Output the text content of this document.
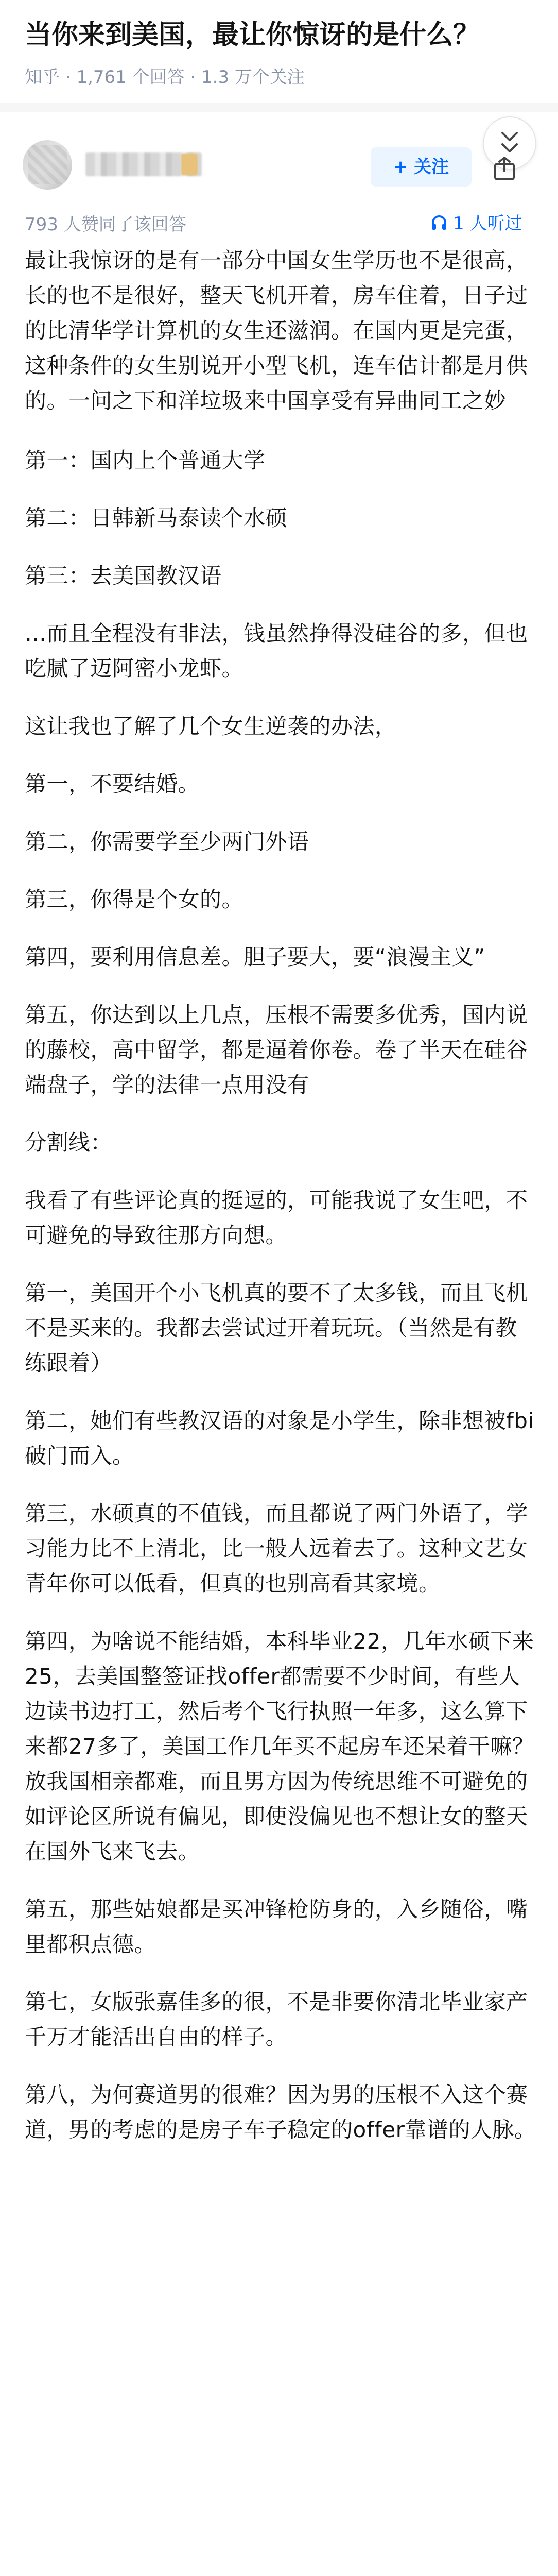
当你来到美国，最让你惊讶的是什么？
知乎 · 1,761 个回答 · 1.3 万个关注
+ 关注
793 人赞同了该回答	1 人听过

最让我惊讶的是有一部分中国女生学历也不是很高，长的也不是很好，整天飞机开着，房车住着，日子过的比清华学计算机的女生还滋润。在国内更是完蛋，这种条件的女生别说开小型飞机，连车估计都是月供的。一问之下和洋垃圾来中国享受有异曲同工之妙

第一：国内上个普通大学

第二：日韩新马泰读个水硕

第三：去美国教汉语

…而且全程没有非法，钱虽然挣得没硅谷的多，但也吃腻了迈阿密小龙虾。

这让我也了解了几个女生逆袭的办法，

第一，不要结婚。

第二，你需要学至少两门外语

第三，你得是个女的。

第四，要利用信息差。胆子要大，要“浪漫主义”

第五，你达到以上几点，压根不需要多优秀，国内说的藤校，高中留学，都是逼着你卷。卷了半天在硅谷端盘子，学的法律一点用没有

分割线：

我看了有些评论真的挺逗的，可能我说了女生吧，不可避免的导致往那方向想。

第一，美国开个小飞机真的要不了太多钱，而且飞机不是买来的。我都去尝试过开着玩玩。（当然是有教练跟着）

第二，她们有些教汉语的对象是小学生，除非想被fbi破门而入。

第三，水硕真的不值钱，而且都说了两门外语了，学习能力比不上清北，比一般人远着去了。这种文艺女青年你可以低看，但真的也别高看其家境。

第四，为啥说不能结婚，本科毕业22，几年水硕下来25，去美国整签证找offer都需要不少时间，有些人边读书边打工，然后考个飞行执照一年多，这么算下来都27多了，美国工作几年买不起房车还呆着干嘛？放我国相亲都难，而且男方因为传统思维不可避免的如评论区所说有偏见，即使没偏见也不想让女的整天在国外飞来飞去。

第五，那些姑娘都是买冲锋枪防身的，入乡随俗，嘴里都积点德。

第七，女版张嘉佳多的很，不是非要你清北毕业家产千万才能活出自由的样子。

第八，为何赛道男的很难？因为男的压根不入这个赛道，男的考虑的是房子车子稳定的offer靠谱的人脉。
